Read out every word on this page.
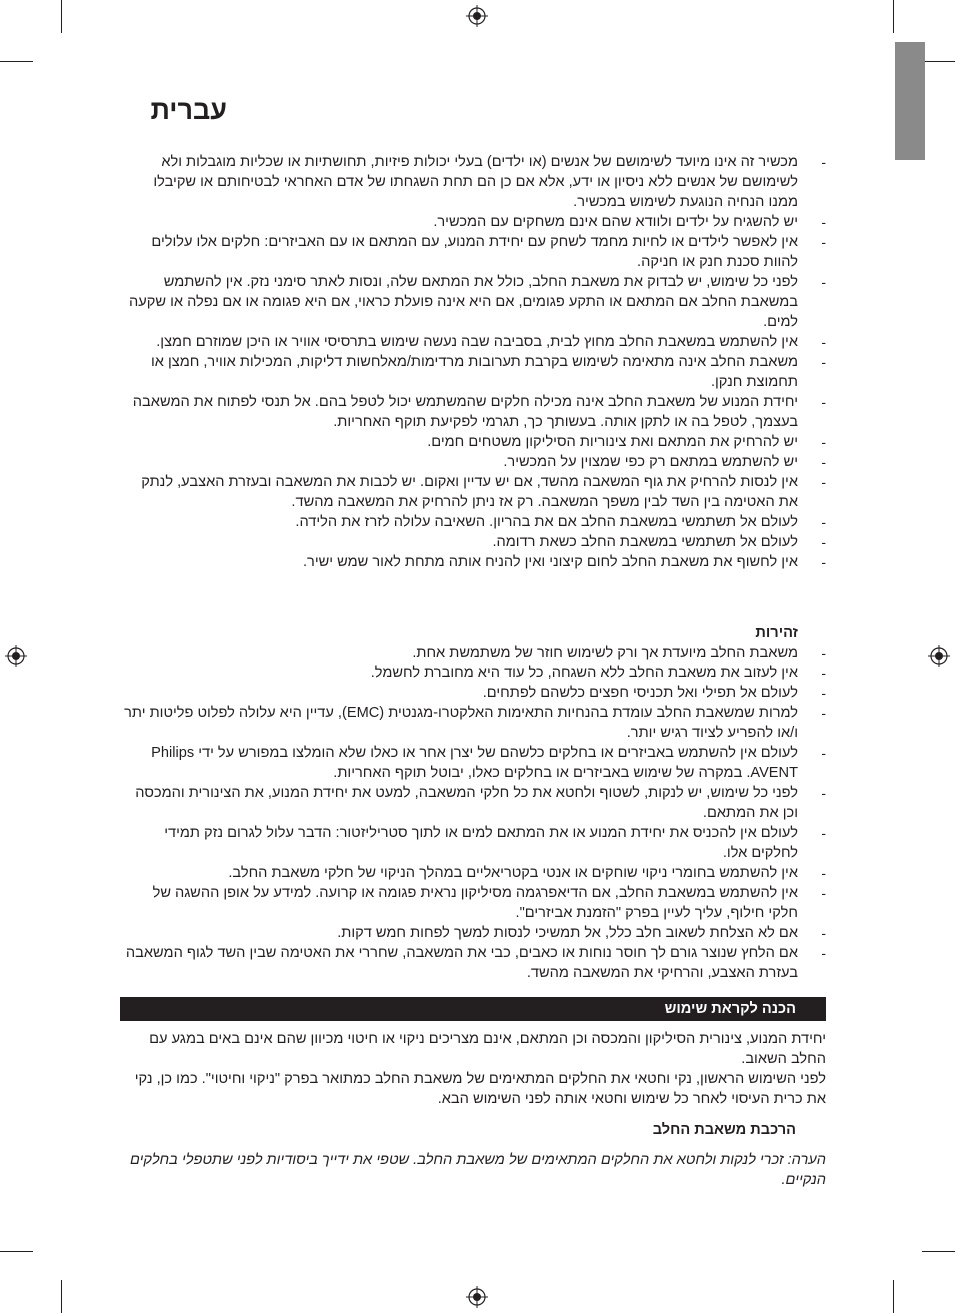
עברית
- מכשיר זה אינו מיועד לשימושם של אנשים (או ילדים) בעלי יכולות פיזיות, תחושתיות או שכליות מוגבלות ולא לשימושם של אנשים ללא ניסיון או ידע, אלא אם כן הם תחת השגחתו של אדם האחראי לבטיחותם או שקיבלו ממנו הנחיה הנוגעת לשימוש במכשיר.
- יש להשגיח על ילדים ולוודא שהם אינם משחקים עם המכשיר.
- אין לאפשר לילדים או לחיות מחמד לשחק עם יחידת המנוע, עם המתאם או עם האביזרים: חלקים אלו עלולים להוות סכנת חנק או חניקה.
- לפני כל שימוש, יש לבדוק את משאבת החלב, כולל את המתאם שלה, ונסות לאתר סימני נזק. אין להשתמש במשאבת החלב אם המתאם או התקע פגומים, אם היא אינה פועלת כראוי, אם היא פגומה או אם נפלה או שקעה למים.
- אין להשתמש במשאבת החלב מחוץ לבית, בסביבה שבה נעשה שימוש בתרסיסי אוויר או היכן שמוזרם חמצן.
- משאבת החלב אינה מתאימה לשימוש בקרבת תערובות מרדימות/מאלחשות דליקות, המכילות אוויר, חמצן או תחמוצת חנקן.
- יחידת המנוע של משאבת החלב אינה מכילה חלקים שהמשתמש יכול לטפל בהם. אל תנסי לפתוח את המשאבה בעצמך, לטפל בה או לתקן אותה. בעשותך כך, תגרמי לפקיעת תוקף האחריות.
- יש להרחיק את המתאם ואת צינוריות הסיליקון משטחים חמים.
- יש להשתמש במתאם רק כפי שמצוין על המכשיר.
- אין לנסות להרחיק את גוף המשאבה מהשד, אם יש עדיין ואקום. יש לכבות את המשאבה ובעזרת האצבע, לנתק את האטימה בין השד לבין משפך המשאבה. רק אז ניתן להרחיק את המשאבה מהשד.
- לעולם אל תשתמשי במשאבת החלב אם את בהריון. השאיבה עלולה לזרז את הלידה.
- לעולם אל תשתמשי במשאבת החלב כשאת רדומה.
- אין לחשוף את משאבת החלב לחום קיצוני ואין להניח אותה מתחת לאור שמש ישיר.
זהירות
- משאבת החלב מיועדת אך ורק לשימוש חוזר של משתמשת אחת.
- אין לעזוב את משאבת החלב ללא השגחה, כל עוד היא מחוברת לחשמל.
- לעולם אל תפילי ואל תכניסי חפצים כלשהם לפתחים.
- למרות שמשאבת החלב עומדת בהנחיות התאימות האלקטרו-מגנטית (EMC), עדיין היא עלולה לפלוט פליטות יתר ו/או להפריע לציוד רגיש יותר.
- לעולם אין להשתמש באביזרים או בחלקים כלשהם של יצרן אחר או כאלו שלא הומלצו במפורש על ידי Philips AVENT. במקרה של שימוש באביזרים או בחלקים כאלו, יבוטל תוקף האחריות.
- לפני כל שימוש, יש לנקות, לשטוף ולחטא את כל חלקי המשאבה, למעט את יחידת המנוע, את הצינורית והמכסה וכן את המתאם.
- לעולם אין להכניס את יחידת המנוע או את המתאם למים או לתוך סטריליזטור: הדבר עלול לגרום נזק תמידי לחלקים אלו.
- אין להשתמש בחומרי ניקוי שוחקים או אנטי בקטריאליים במהלך הניקוי של חלקי משאבת החלב.
- אין להשתמש במשאבת החלב, אם הדיאפרגמה מסיליקון נראית פגומה או קרועה. למידע על אופן ההשגה של חלקי חילוף, עליך לעיין בפרק "הזמנת אביזרים".
- אם לא הצלחת לשאוב חלב כלל, אל תמשיכי לנסות למשך לפחות חמש דקות.
- אם הלחץ שנוצר גורם לך חוסר נוחות או כאבים, כבי את המשאבה, שחררי את האטימה שבין השד לגוף המשאבה בעזרת האצבע, והרחיקי את המשאבה מהשד.
הכנה לקראת שימוש

יחידת המנוע, צינורית הסיליקון והמכסה וכן המתאם, אינם מצריכים ניקוי או חיטוי מכיוון שהם אינם באים במגע עם החלב השאוב.

לפני השימוש הראשון, נקי וחטאי את החלקים המתאימים של משאבת החלב כמתואר בפרק "ניקוי וחיטוי". כמו כן, נקי את כרית העיסוי לאחר כל שימוש וחטאי אותה לפני השימוש הבא.

הרכבת משאבת החלב

הערה: זכרי לנקות ולחטא את החלקים המתאימים של משאבת החלב. שטפי את ידייך ביסודיות לפני שתטפלי בחלקים הנקיים.
